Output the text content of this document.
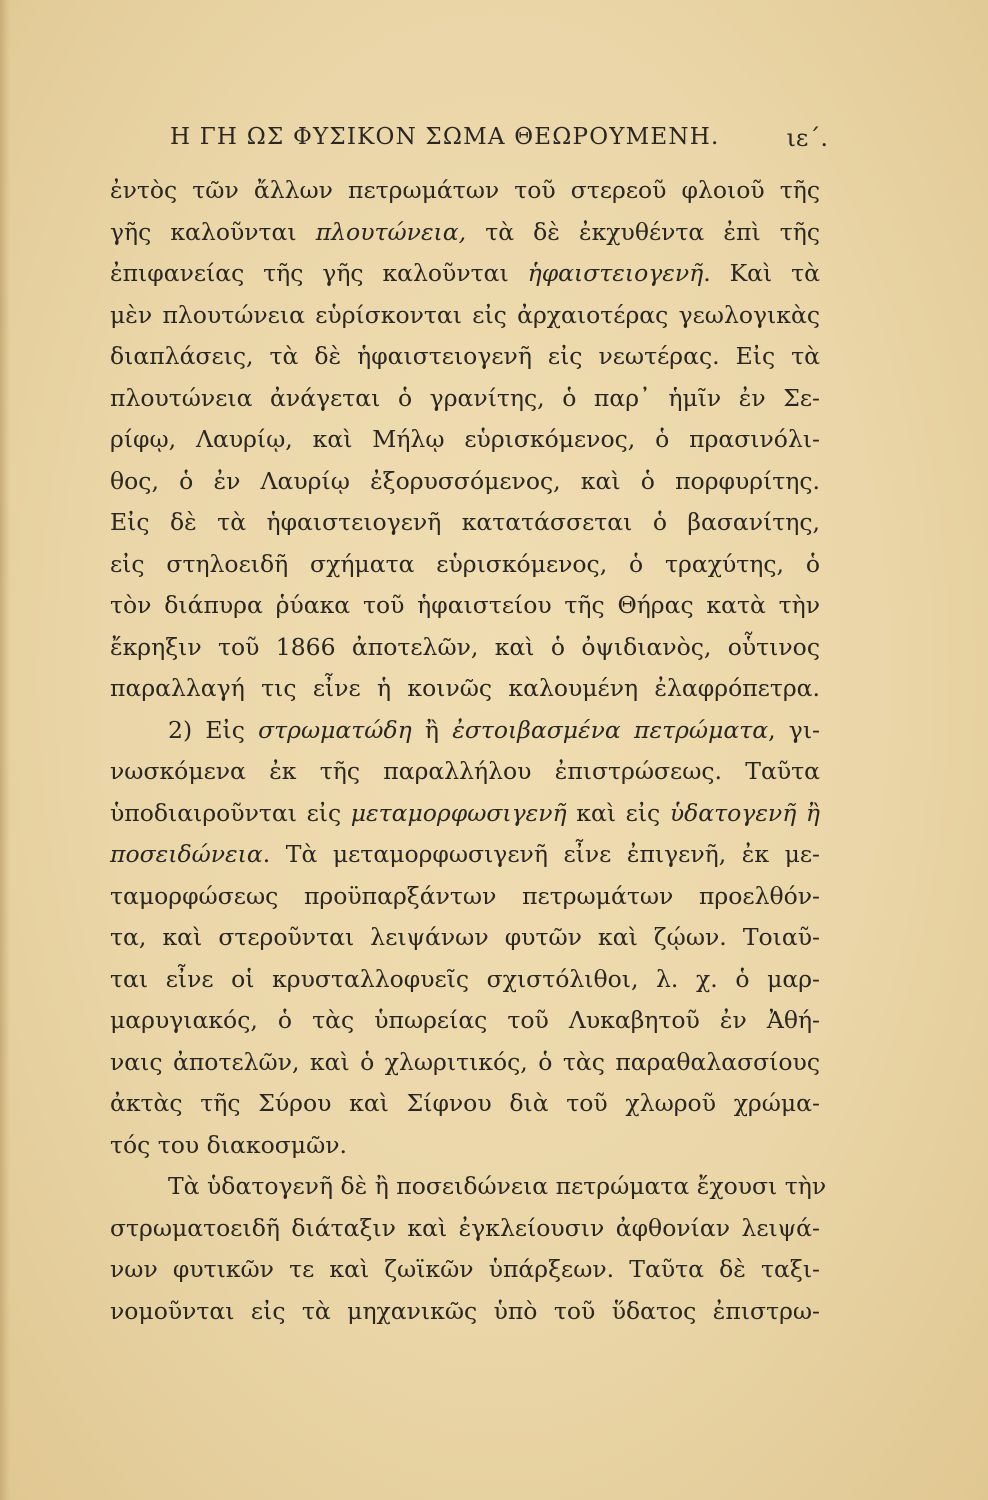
Η ΓΗ ΩΣ ΦΥΣΙΚΟΝ ΣΩΜΑ ΘΕΩΡΟΥΜΕΝΗ.	ιε΄.
ἐντὸς τῶν ἄλλων πετρωμάτων τοῦ στερεοῦ φλοιοῦ τῆς
γῆς καλοῦνται πλουτώνεια, τὰ δὲ ἐκχυθέντα ἐπὶ τῆς
ἐπιφανείας τῆς γῆς καλοῦνται ἡφαιστειογενῆ. Καὶ τὰ
μὲν πλουτώνεια εὑρίσκονται εἰς ἀρχαιοτέρας γεωλογικὰς
διαπλάσεις, τὰ δὲ ἡφαιστειογενῆ εἰς νεωτέρας. Εἰς τὰ
πλουτώνεια ἀνάγεται ὁ γρανίτης, ὁ παρ᾽ ἡμῖν ἐν Σε-
ρίφῳ, Λαυρίῳ, καὶ Μήλῳ εὑρισκόμενος, ὁ πρασινόλι-
θος, ὁ ἐν Λαυρίῳ ἐξορυσσόμενος, καὶ ὁ πορφυρίτης.
Εἰς δὲ τὰ ἡφαιστειογενῆ κατατάσσεται ὁ βασανίτης,
εἰς στηλοειδῆ σχήματα εὑρισκόμενος, ὁ τραχύτης, ὁ
τὸν διάπυρα ῥύακα τοῦ ἡφαιστείου τῆς Θήρας κατὰ τὴν
ἔκρηξιν τοῦ 1866 ἀποτελῶν, καὶ ὁ ὀψιδιανὸς, οὗτινος
παραλλαγή τις εἶνε ἡ κοινῶς καλουμένη ἐλαφρόπετρα.
2) Εἰς στρωματώδη ἢ ἐστοιβασμένα πετρώματα, γι-
νωσκόμενα ἐκ τῆς παραλλήλου ἐπιστρώσεως. Ταῦτα
ὑποδιαιροῦνται εἰς μεταμορφωσιγενῆ καὶ εἰς ὑδατογενῆ ἢ
ποσειδώνεια. Τὰ μεταμορφωσιγενῆ εἶνε ἐπιγενῆ, ἐκ με-
ταμορφώσεως προϋπαρξάντων πετρωμάτων προελθόν-
τα, καὶ στεροῦνται λειψάνων φυτῶν καὶ ζῴων. Τοιαῦ-
ται εἶνε οἱ κρυσταλλοφυεῖς σχιστόλιθοι, λ. χ. ὁ μαρ-
μαρυγιακός, ὁ τὰς ὑπωρείας τοῦ Λυκαβητοῦ ἐν Ἀθή-
ναις ἀποτελῶν, καὶ ὁ χλωριτικός, ὁ τὰς παραθαλασσίους
ἀκτὰς τῆς Σύρου καὶ Σίφνου διὰ τοῦ χλωροῦ χρώμα-
τός του διακοσμῶν.
Τὰ ὑδατογενῆ δὲ ἢ ποσειδώνεια πετρώματα ἔχουσι τὴν
στρωματοειδῆ διάταξιν καὶ ἐγκλείουσιν ἀφθονίαν λειψά-
νων φυτικῶν τε καὶ ζωϊκῶν ὑπάρξεων. Ταῦτα δὲ ταξι-
νομοῦνται εἰς τὰ μηχανικῶς ὑπὸ τοῦ ὕδατος ἐπιστρω-
